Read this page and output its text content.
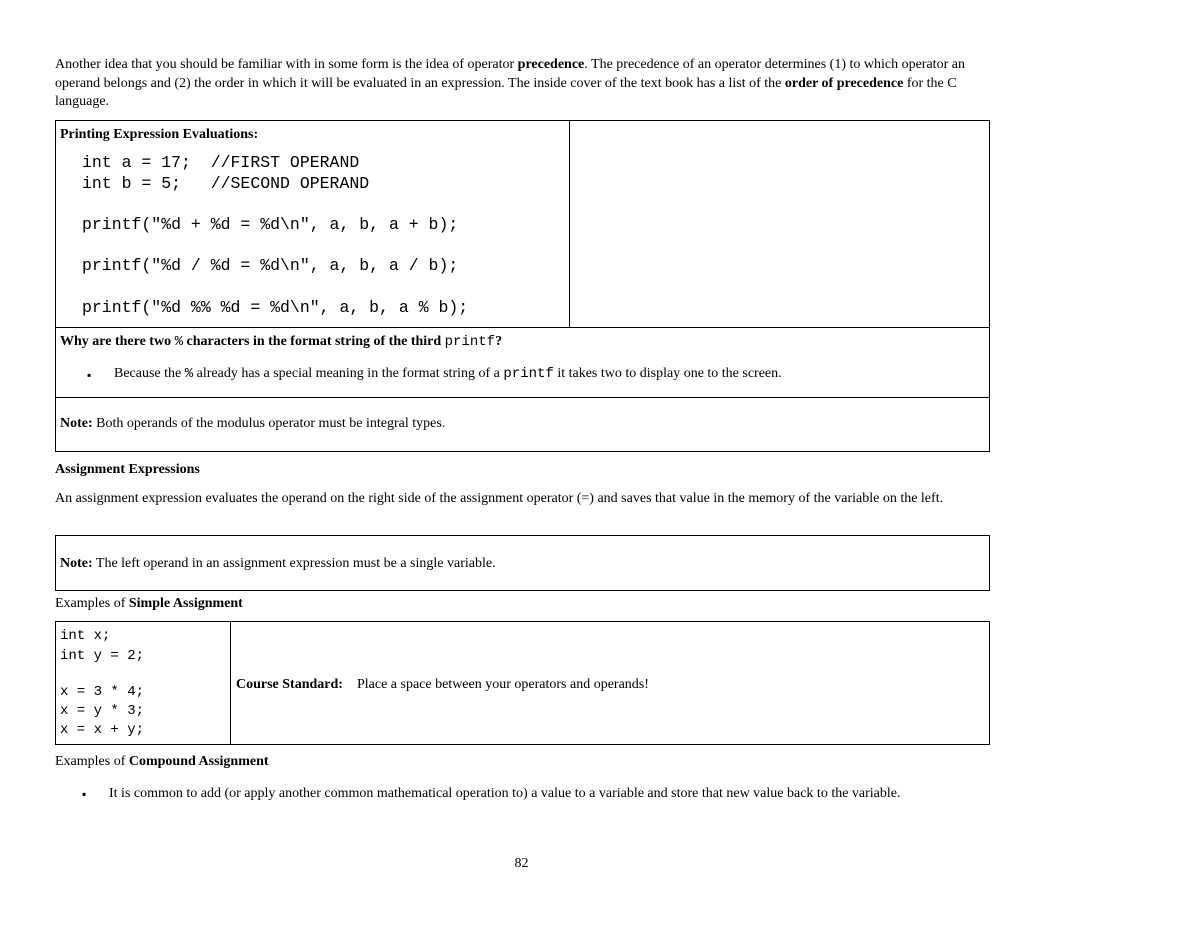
Another idea that you should be familiar with in some form is the idea of operator precedence. The precedence of an operator determines (1) to which operator an operand belongs and (2) the order in which it will be evaluated in an expression. The inside cover of the text book has a list of the order of precedence for the C language.
Printing Expression Evaluations:
int a = 17;  //FIRST OPERAND
int b = 5;   //SECOND OPERAND
printf("%d + %d = %d\n", a, b, a + b);
printf("%d / %d = %d\n", a, b, a / b);
printf("%d %% %d = %d\n", a, b, a % b);
Why are there two % characters in the format string of the third printf?
▪ Because the % already has a special meaning in the format string of a printf it takes two to display one to the screen.
Note: Both operands of the modulus operator must be integral types.
Assignment Expressions
An assignment expression evaluates the operand on the right side of the assignment operator (=) and saves that value in the memory of the variable on the left.
Note: The left operand in an assignment expression must be a single variable.
Examples of Simple Assignment
int x;
int y = 2;
x = 3 * 4;
x = y * 3;
x = x + y;
Course Standard: Place a space between your operators and operands!
Examples of Compound Assignment
▪ It is common to add (or apply another common mathematical operation to) a value to a variable and store that new value back to the variable.
82
